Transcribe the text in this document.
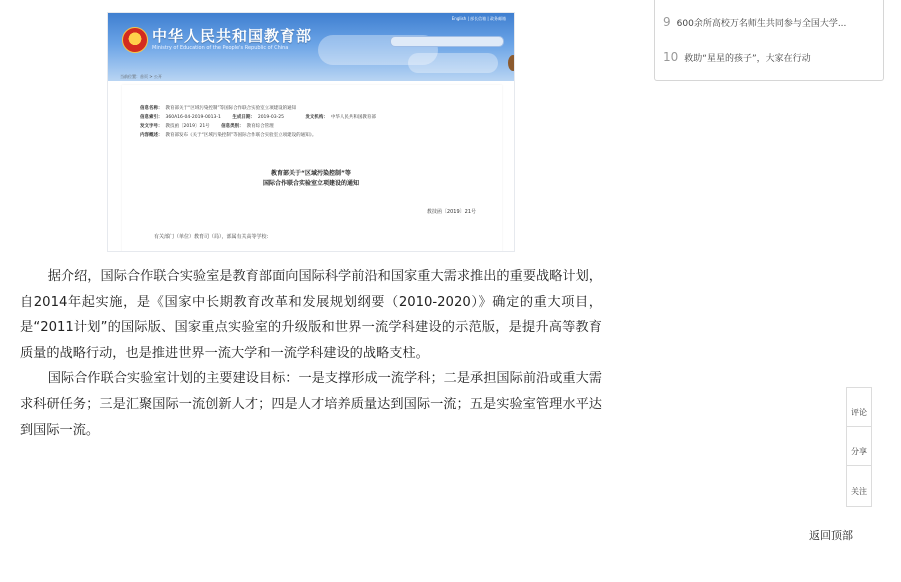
中华人民共和国教育部
Ministry of Education of the People's Republic of China
English | 部长信箱 | 政务邮箱
当前位置：首页 > 公开
信息名称： 教育部关于“区域污染控制”等国际合作联合实验室立项建设的通知
信息索引： 360A16-04-2019-0013-1	生成日期： 2019-03-25	发文机构： 中华人民共和国教育部
发文字号： 教技函〔2019〕21号	信息类别： 教育综合管理
内容概述： 教育部发布《关于“区域污染控制”等国际合作联合实验室立项建设的通知》。
教育部关于“区域污染控制”等
国际合作联合实验室立项建设的通知
教技函〔2019〕21号
有关部门（单位）教育司（局），部属有关高等学校：

据介绍，国际合作联合实验室是教育部面向国际科学前沿和国家重大需求推出的重要战略计划，自2014年起实施，是《国家中长期教育改革和发展规划纲要（2010-2020）》确定的重大项目，是“2011计划”的国际版、国家重点实验室的升级版和世界一流学科建设的示范版，是提升高等教育质量的战略行动，也是推进世界一流大学和一流学科建设的战略支柱。

国际合作联合实验室计划的主要建设目标：一是支撑形成一流学科；二是承担国际前沿或重大需求科研任务；三是汇聚国际一流创新人才；四是人才培养质量达到国际一流；五是实验室管理水平达到国际一流。

9 600余所高校万名师生共同参与全国大学...
10 救助“星星的孩子”，大家在行动
评论
分享
关注
返回顶部
